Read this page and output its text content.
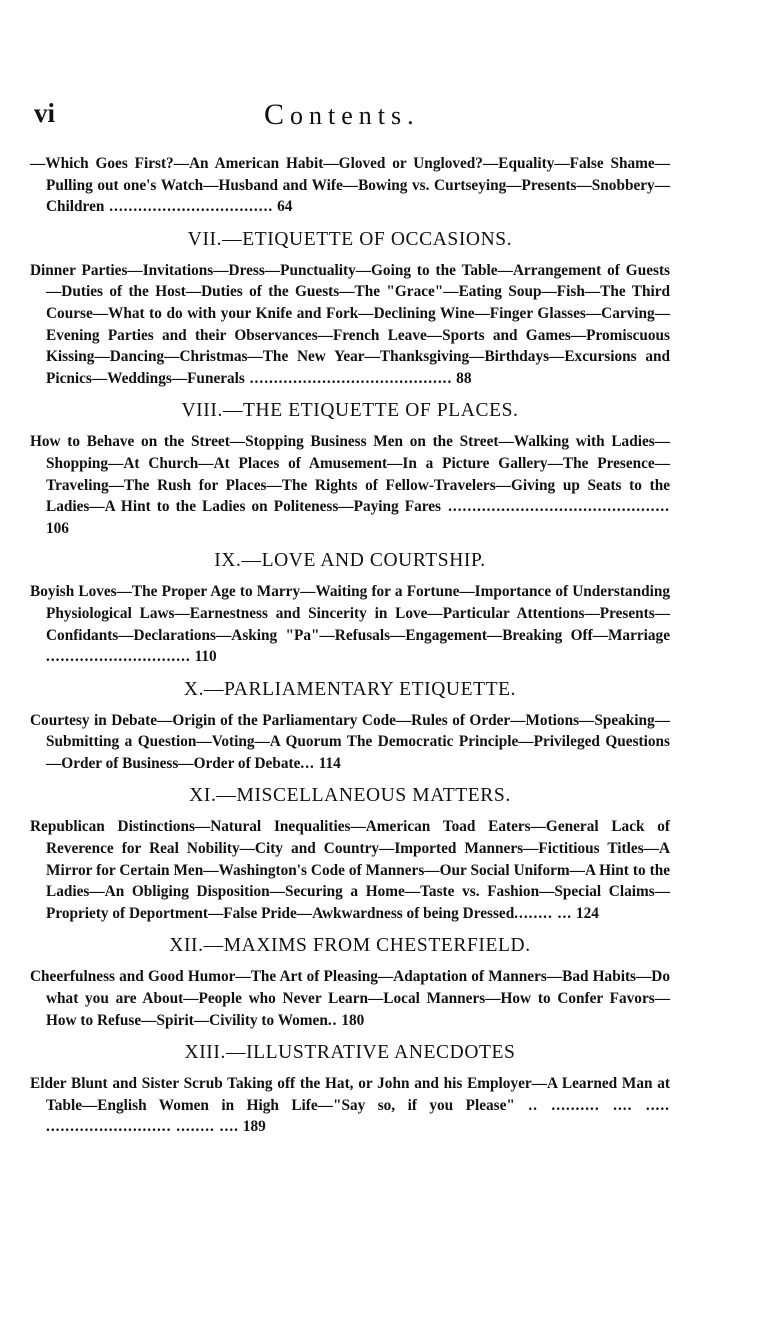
vi	Contents.

—Which Goes First?—An American Habit—Gloved or Ungloved?—Equality—False Shame—Pulling out one's Watch—Husband and Wife—Bowing vs. Curtseying—Presents—Snobbery—Children .................................. 64

VII.—ETIQUETTE OF OCCASIONS.

Dinner Parties—Invitations—Dress—Punctuality—Going to the Table—Arrangement of Guests—Duties of the Host—Duties of the Guests—The "Grace"—Eating Soup—Fish—The Third Course—What to do with your Knife and Fork—Declining Wine—Finger Glasses—Carving—Evening Parties and their Observances—French Leave—Sports and Games—Promiscuous Kissing—Dancing—Christmas—The New Year—Thanksgiving—Birthdays—Excursions and Picnics—Weddings—Funerals .......................................... 88

VIII.—THE ETIQUETTE OF PLACES.

How to Behave on the Street—Stopping Business Men on the Street—Walking with Ladies—Shopping—At Church—At Places of Amusement—In a Picture Gallery—The Presence—Traveling—The Rush for Places—The Rights of Fellow-Travelers—Giving up Seats to the Ladies—A Hint to the Ladies on Politeness—Paying Fares .............................................. 106

IX.—LOVE AND COURTSHIP.

Boyish Loves—The Proper Age to Marry—Waiting for a Fortune—Importance of Understanding Physiological Laws—Earnestness and Sincerity in Love—Particular Attentions—Presents—Confidants—Declarations—Asking "Pa"—Refusals—Engagement—Breaking Off—Marriage .............................. 110

X.—PARLIAMENTARY ETIQUETTE.

Courtesy in Debate—Origin of the Parliamentary Code—Rules of Order—Motions—Speaking—Submitting a Question—Voting—A Quorum The Democratic Principle—Privileged Questions—Order of Business—Order of Debate... 114

XI.—MISCELLANEOUS MATTERS.

Republican Distinctions—Natural Inequalities—American Toad Eaters—General Lack of Reverence for Real Nobility—City and Country—Imported Manners—Fictitious Titles—A Mirror for Certain Men—Washington's Code of Manners—Our Social Uniform—A Hint to the Ladies—An Obliging Disposition—Securing a Home—Taste vs. Fashion—Special Claims—Propriety of Deportment—False Pride—Awkwardness of being Dressed........ ... 124

XII.—MAXIMS FROM CHESTERFIELD.

Cheerfulness and Good Humor—The Art of Pleasing—Adaptation of Manners—Bad Habits—Do what you are About—People who Never Learn—Local Manners—How to Confer Favors—How to Refuse—Spirit—Civility to Women.. 180

XIII.—ILLUSTRATIVE ANECDOTES

Elder Blunt and Sister Scrub Taking off the Hat, or John and his Employer—A Learned Man at Table—English Women in High Life—"Say so, if you Please" .. .......... .... ..... .......................... ........ .... 189
